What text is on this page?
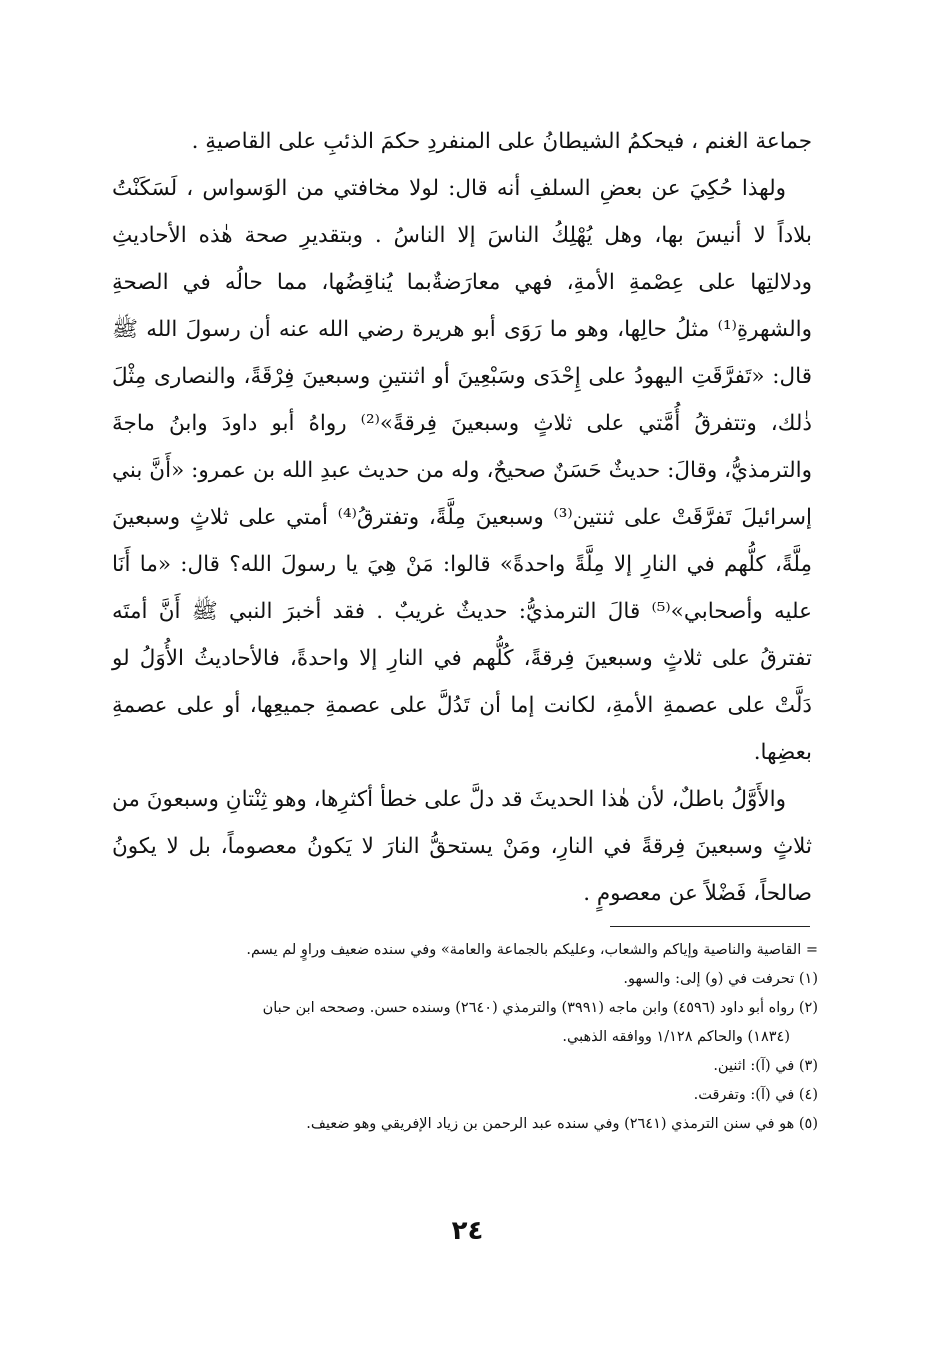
جماعة الغنم ، فيحكمُ الشيطانُ على المنفردِ حكمَ الذئبِ على القاصيةِ .

ولهذا حُكِيَ عن بعضِ السلفِ أنه قال: لولا مخافتي من الوَسواس ، لَسَكَنْتُ بلاداً لا أنيسَ بها، وهل يُهْلِكُ الناسَ إلا الناسُ . وبتقديرِ صحة هٰذه الأحاديثِ ودلالتِها على عِصْمةِ الأمةِ، فهي معارَضةٌبما يُناقِضُها، مما حالُه في الصحةِ والشهرةِ⁽¹⁾ مثلُ حالِها، وهو ما رَوَى أبو هريرة رضي الله عنه أن رسولَ الله ﷺ قال: «تَفرَّقَتِ اليهودُ على إِحْدَى وسَبْعِينَ أو اثنتينِ وسبعينَ فِرْقَةً، والنصارى مِثْلَ ذٰلك، وتتفرقُ أُمَّتي على ثلاثٍ وسبعينَ فِرقةً»⁽²⁾ رواهُ أبو داودَ وابنُ ماجةَ والترمذيُّ، وقالَ: حديثٌ حَسَنٌ صحيحٌ، وله من حديث عبدِ الله بن عمرو: «أَنَّ بني إسرائيلَ تَفرَّقَتْ على ثنتين⁽³⁾ وسبعينَ مِلَّةً، وتفترقُ⁽⁴⁾ أمتي على ثلاثٍ وسبعينَ مِلَّةً، كلُّهم في النارِ إلا مِلَّةً واحدةً» قالوا: مَنْ هِيَ يا رسولَ الله؟ قال: «ما أَنَا عليه وأصحابي»⁽⁵⁾ قالَ الترمذيُّ: حديثٌ غريبٌ . فقد أخبرَ النبي ﷺ أَنَّ أمتَه تفترقُ على ثلاثٍ وسبعينَ فِرقةً، كُلُّهم في النارِ إلا واحدةً، فالأحاديثُ الأُوَلُ لو دَلَّتْ على عصمةِ الأمةِ، لكانت إما أن تَدُلَّ على عصمةِ جميعِها، أو على عصمةِ بعضِها.

والأَوَّلُ باطلٌ، لأن هٰذا الحديثَ قد دلَّ على خطأ أكثرِها، وهو ثِنْتانِ وسبعونَ من ثلاثٍ وسبعينَ فِرقةً في النارِ، ومَنْ يستحقُّ النارَ لا يَكونُ معصوماً، بل لا يكونُ صالحاً، فَضْلاً عن معصومٍ .

= القاصية والناصية وإياكم والشعاب، وعليكم بالجماعة والعامة» وفي سنده ضعيف وراوٍ لم يسم.

(١) تحرفت في (و) إلى: والسهو.

(٢) رواه أبو داود (٤٥٩٦) وابن ماجه (٣٩٩١) والترمذي (٢٦٤٠) وسنده حسن. وصححه ابن حبان

(١٨٣٤) والحاكم ١/١٢٨ ووافقه الذهبي.

(٣) في (آ): اثنين.

(٤) في (آ): وتفرقت.

(٥) هو في سنن الترمذي (٢٦٤١) وفي سنده عبد الرحمن بن زياد الإفريقي وهو ضعيف.

٢٤
